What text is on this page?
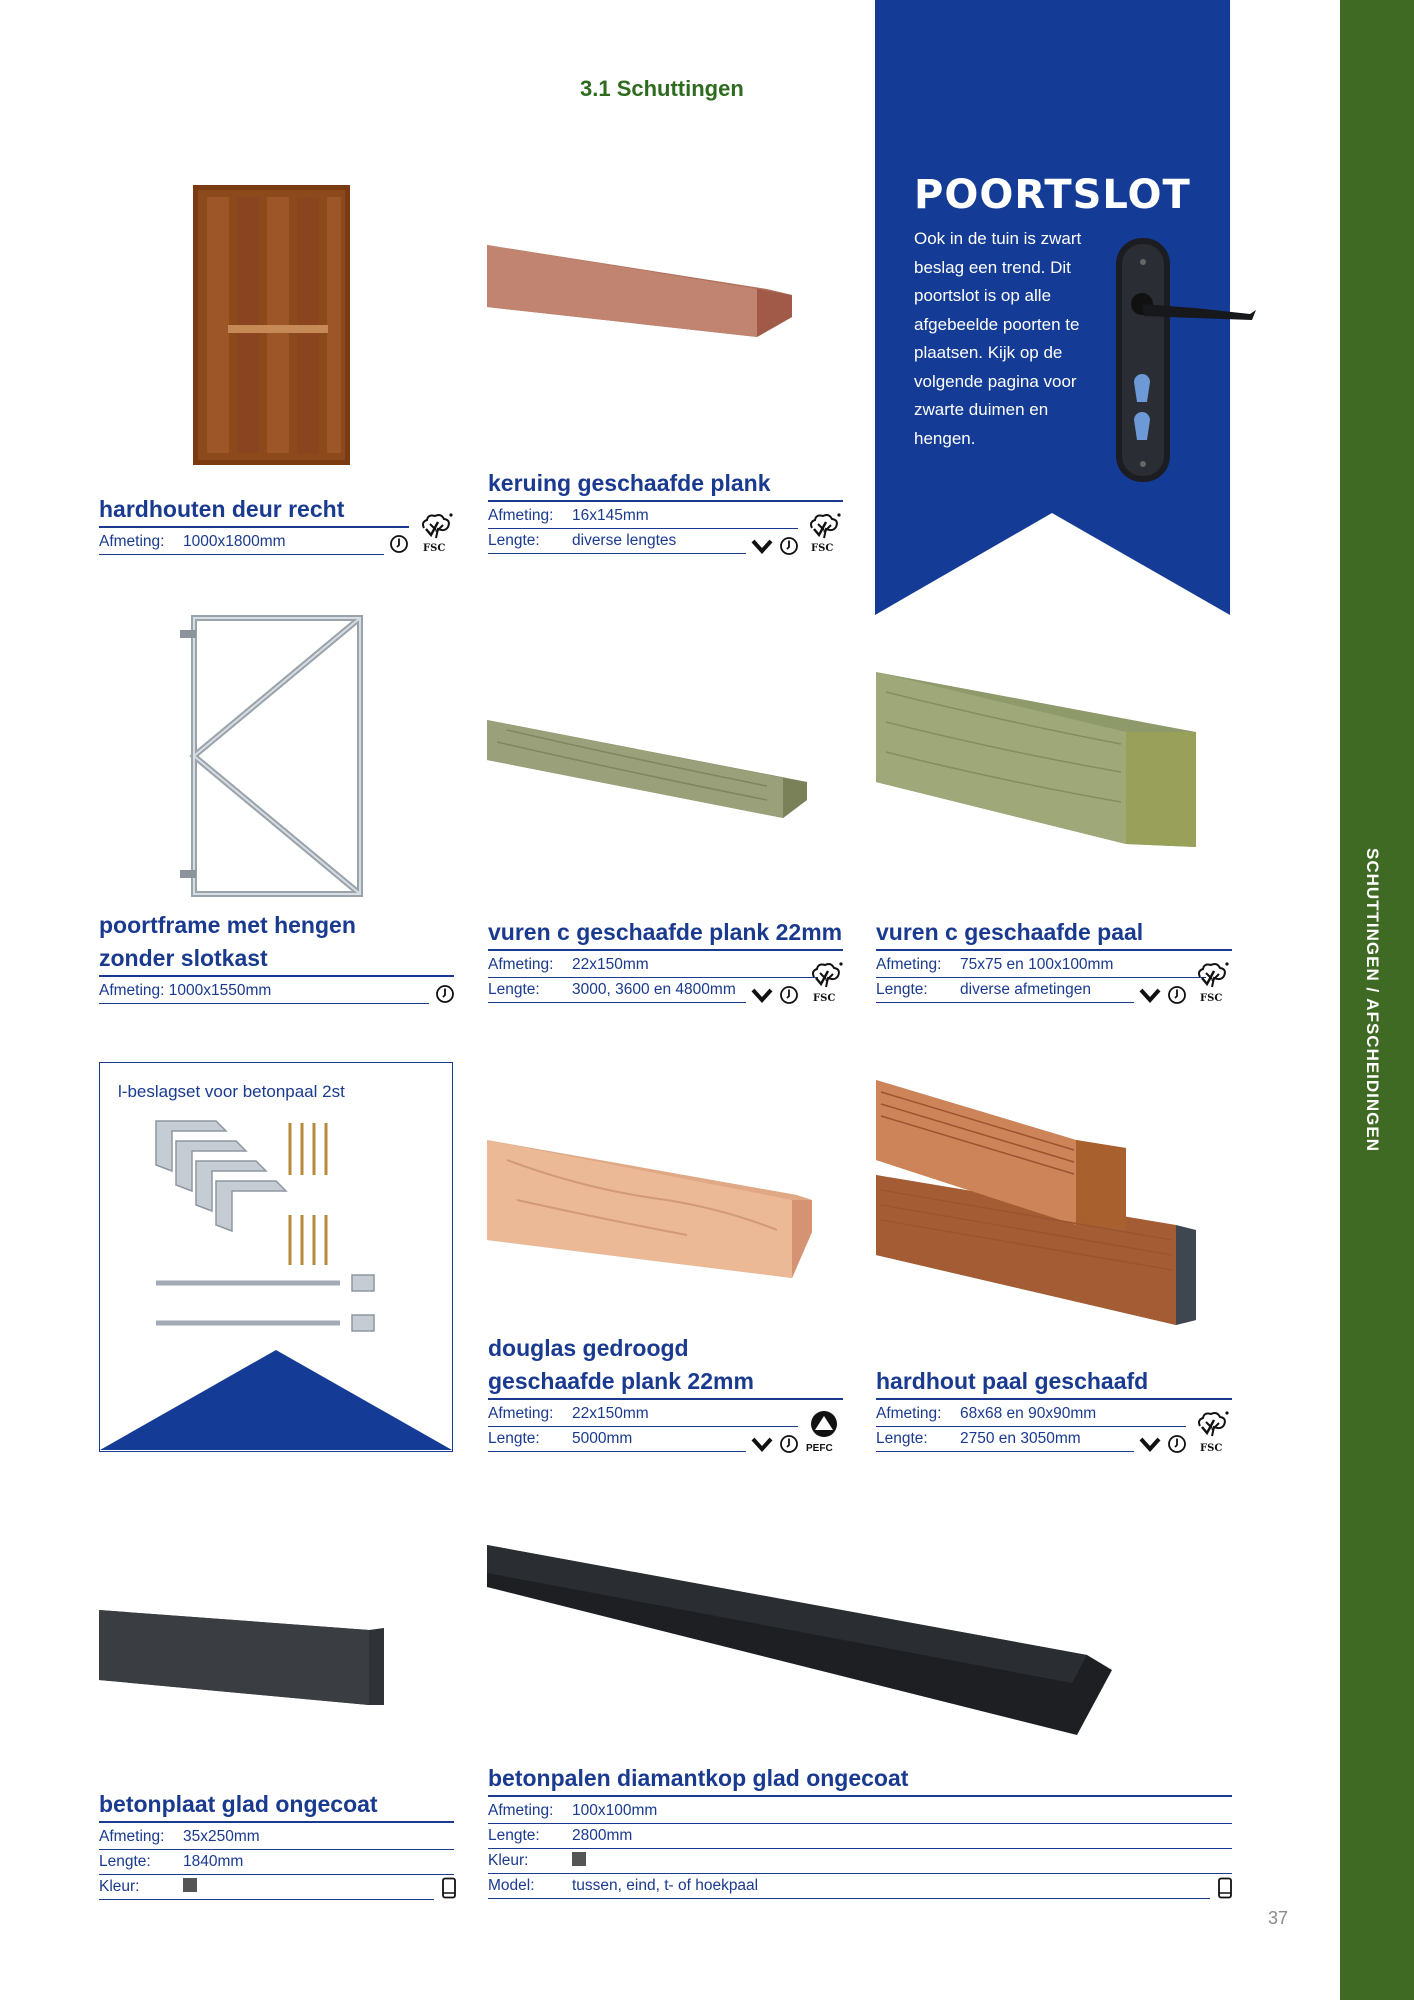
3.1 Schuttingen
SCHUTTINGEN / AFSCHEIDINGEN
37
POORTSLOT
Ook in de tuin is zwart beslag een trend. Dit poortslot is op alle afgebeelde poorten te plaatsen. Kijk op de volgende pagina voor zwarte duimen en hengen.
hardhouten deur recht
Afmeting: 1000x1800mm	FSC
keruing geschaafde plank
Afmeting: 16x145mm
Lengte: diverse lengtes	FSC
poortframe met hengen
zonder slotkast
Afmeting: 1000x1550mm
vuren c geschaafde plank 22mm
Afmeting: 22x150mm
Lengte: 3000, 3600 en 4800mm
FSC
vuren c geschaafde paal
Afmeting: 75x75 en 100x100mm
Lengte: diverse afmetingen
FSC
l-beslagset voor betonpaal 2st
douglas gedroogd
geschaafde plank 22mm
Afmeting: 22x150mm
Lengte: 5000mm
PEFC
hardhout paal geschaafd
Afmeting: 68x68 en 90x90mm
Lengte: 2750 en 3050mm
FSC
betonplaat glad ongecoat
Afmeting: 35x250mm
Lengte: 1840mm
Kleur:
betonpalen diamantkop glad ongecoat
Afmeting: 100x100mm
Lengte: 2800mm
Kleur:
Model: tussen, eind, t- of hoekpaal
